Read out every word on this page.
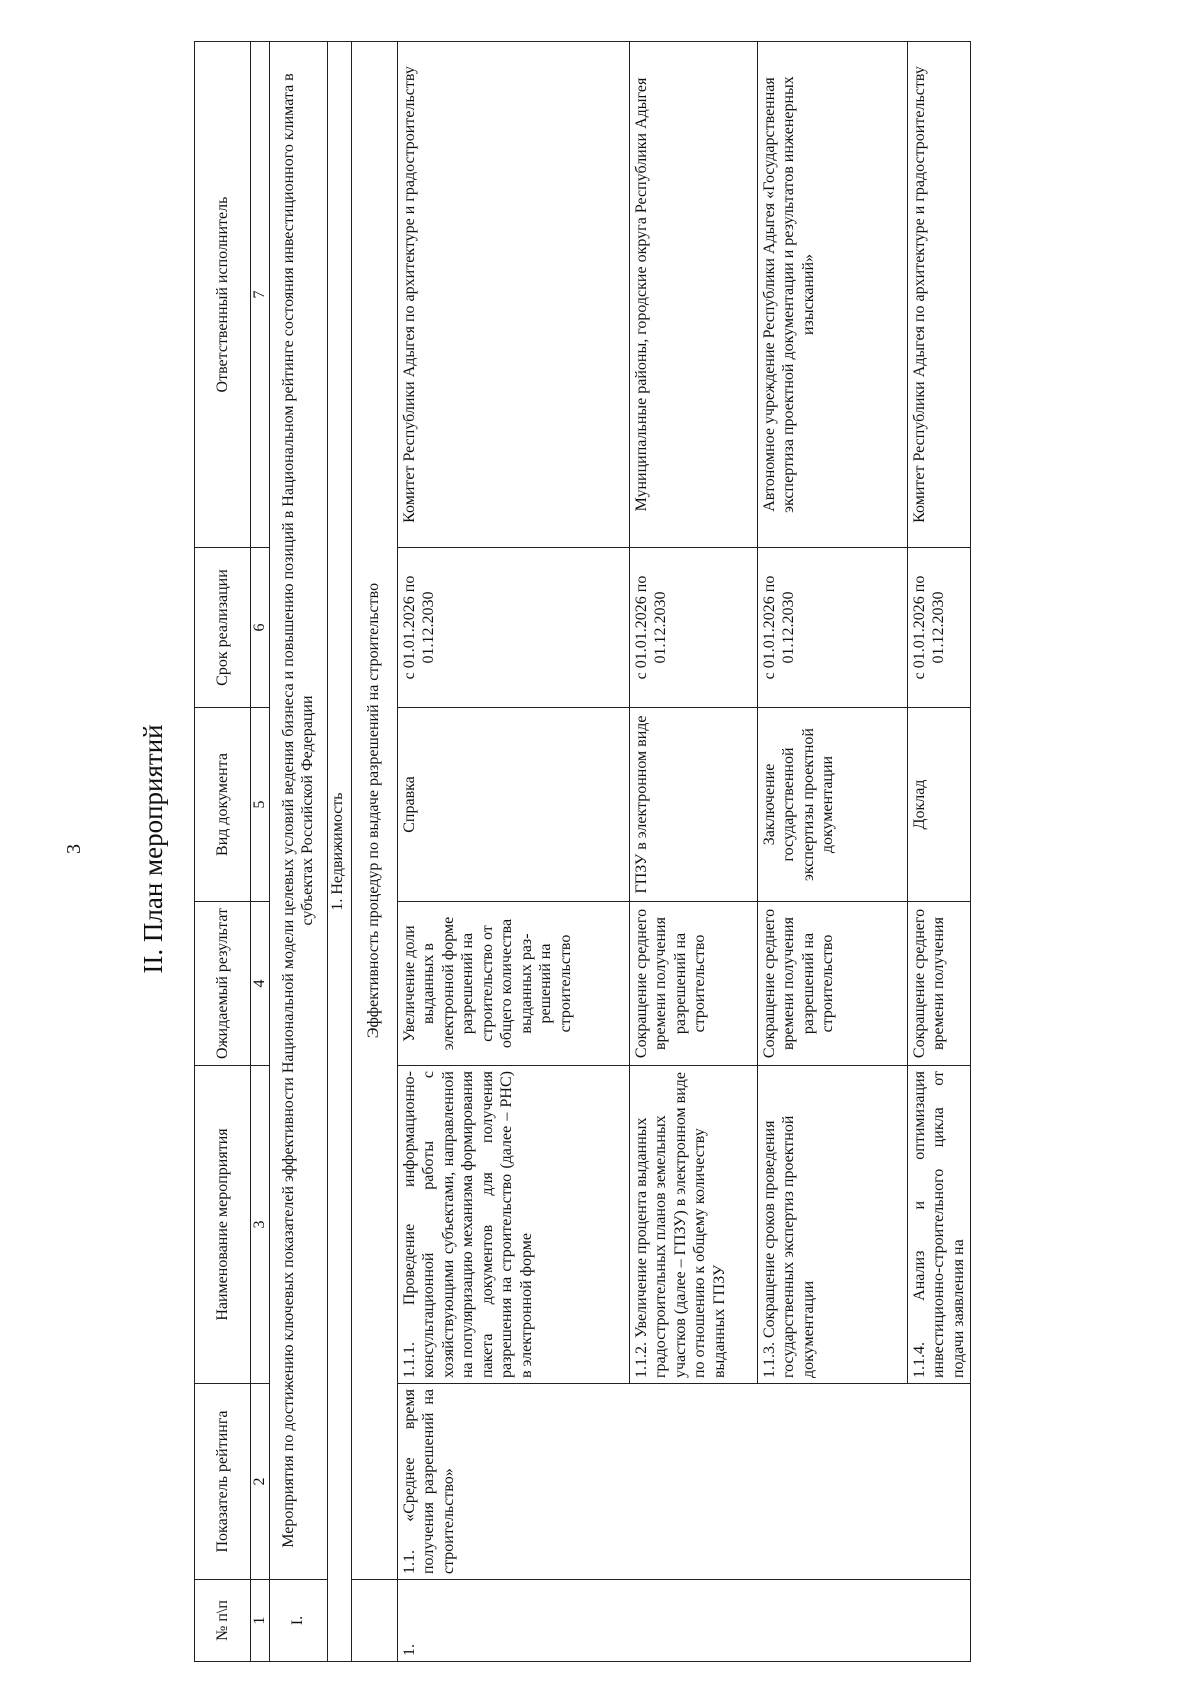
3 II. План мероприятий
№ п\п	Показатель рейтинга	Наименование мероприятия	Ожидаемый результат	Вид документа	Срок реализации	Ответственный исполнитель
1	2	3	4	5	6	7
I.	Мероприятия по достижению ключевых показателей эффективности Национальной модели целевых условий ведения бизнеса и повышению позиций в Национальном рейтинге состояния инвестиционного климата в субъектах Российской Федерации					
1. Недвижимость						
	Эффективность процедур по выдаче разрешений на строительство					
1.	1.1. «Среднее время получения разрешений на строительство»	1.1.1. Проведение информационно-консультационной работы с хозяйствующими субъектами, направленной на популяризацию механизма формирования пакета документов для получения разрешения на строительство (далее – РНС) в электронной форме	Увеличение доли выданных в электронной форме разрешений на строительство от общего количества выданных раз-решений на строительство	Справка	с 01.01.2026 по 01.12.2030	Комитет Республики Адыгея по архитектуре и градостроительству
		1.1.2. Увеличение процента выданных градостроительных планов земельных участков (далее – ГПЗУ) в электронном виде по отношению к общему количеству выданных ГПЗУ	Сокращение среднего времени получения разрешений на строительство	ГПЗУ в электронном виде	с 01.01.2026 по 01.12.2030	Муниципальные районы, городские округа Республики Адыгея
		1.1.3. Сокращение сроков проведения государственных экспертиз проектной документации	Сокращение среднего времени получения разрешений на строительство	Заключение государственной экспертизы проектной документации	с 01.01.2026 по 01.12.2030	Автономное учреждение Республики Адыгея «Государственная экспертиза проектной документации и результатов инженерных изысканий»
		1.1.4. Анализ и оптимизация инвестиционно-строительного цикла от подачи заявления на	Сокращение среднего времени получения	Доклад	с 01.01.2026 по 01.12.2030	Комитет Республики Адыгея по архитектуре и градостроительству
